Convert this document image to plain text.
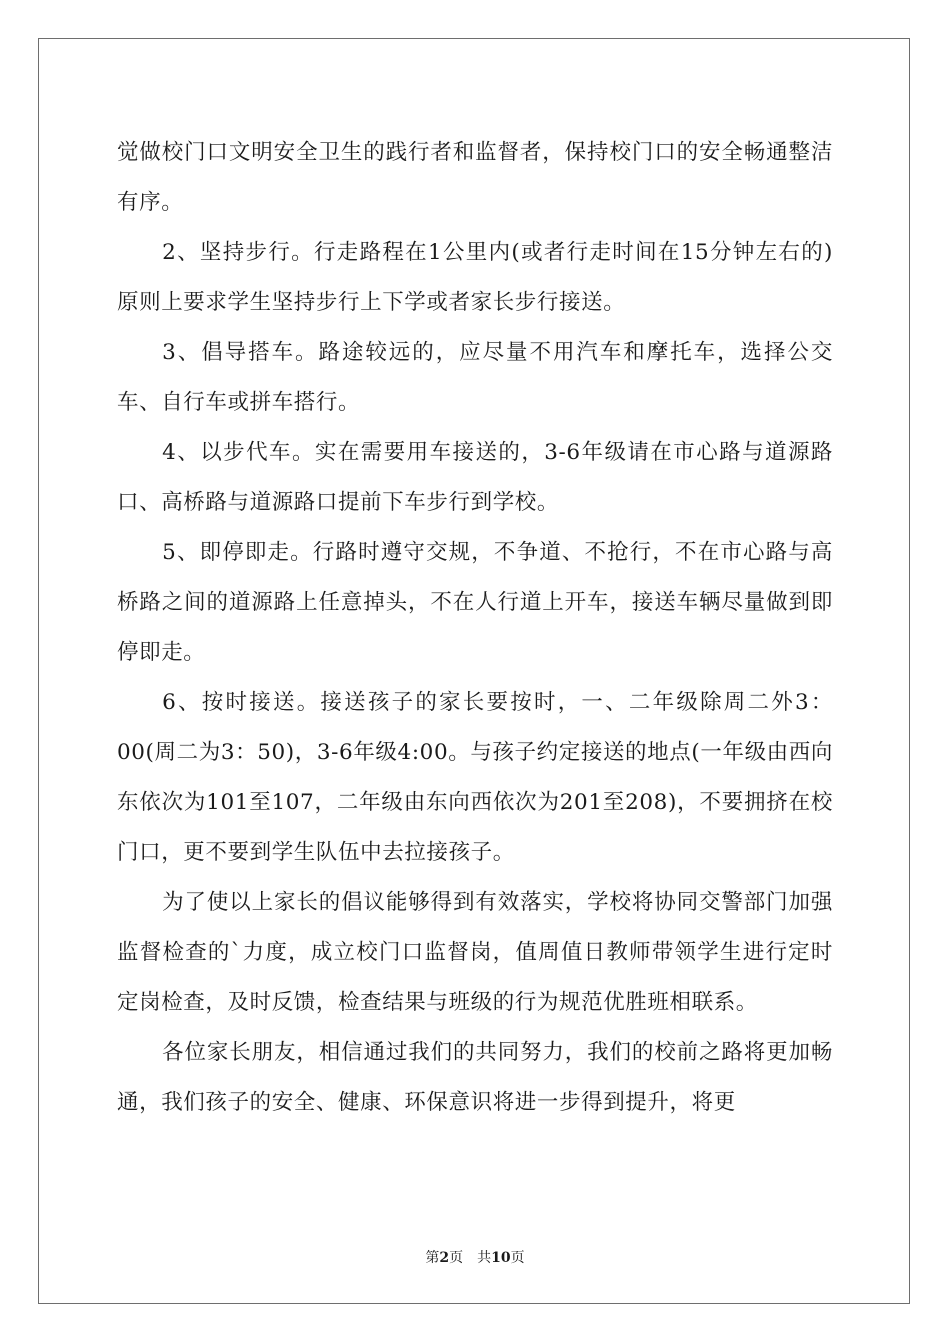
觉做校门口文明安全卫生的践行者和监督者，保持校门口的安全畅通整洁有序。

2、坚持步行。行走路程在1公里内(或者行走时间在15分钟左右的)原则上要求学生坚持步行上下学或者家长步行接送。

3、倡导搭车。路途较远的，应尽量不用汽车和摩托车，选择公交车、自行车或拼车搭行。

4、以步代车。实在需要用车接送的，3-6年级请在市心路与道源路口、高桥路与道源路口提前下车步行到学校。

5、即停即走。行路时遵守交规，不争道、不抢行，不在市心路与高桥路之间的道源路上任意掉头，不在人行道上开车，接送车辆尽量做到即停即走。

6、按时接送。接送孩子的家长要按时，一、二年级除周二外3：00(周二为3：50)，3-6年级4:00。与孩子约定接送的地点(一年级由西向东依次为101至107，二年级由东向西依次为201至208)，不要拥挤在校门口，更不要到学生队伍中去拉接孩子。

为了使以上家长的倡议能够得到有效落实，学校将协同交警部门加强监督检查的`力度，成立校门口监督岗，值周值日教师带领学生进行定时定岗检查，及时反馈，检查结果与班级的行为规范优胜班相联系。

各位家长朋友，相信通过我们的共同努力，我们的校前之路将更加畅通，我们孩子的安全、健康、环保意识将进一步得到提升，将更

第2页 共10页
